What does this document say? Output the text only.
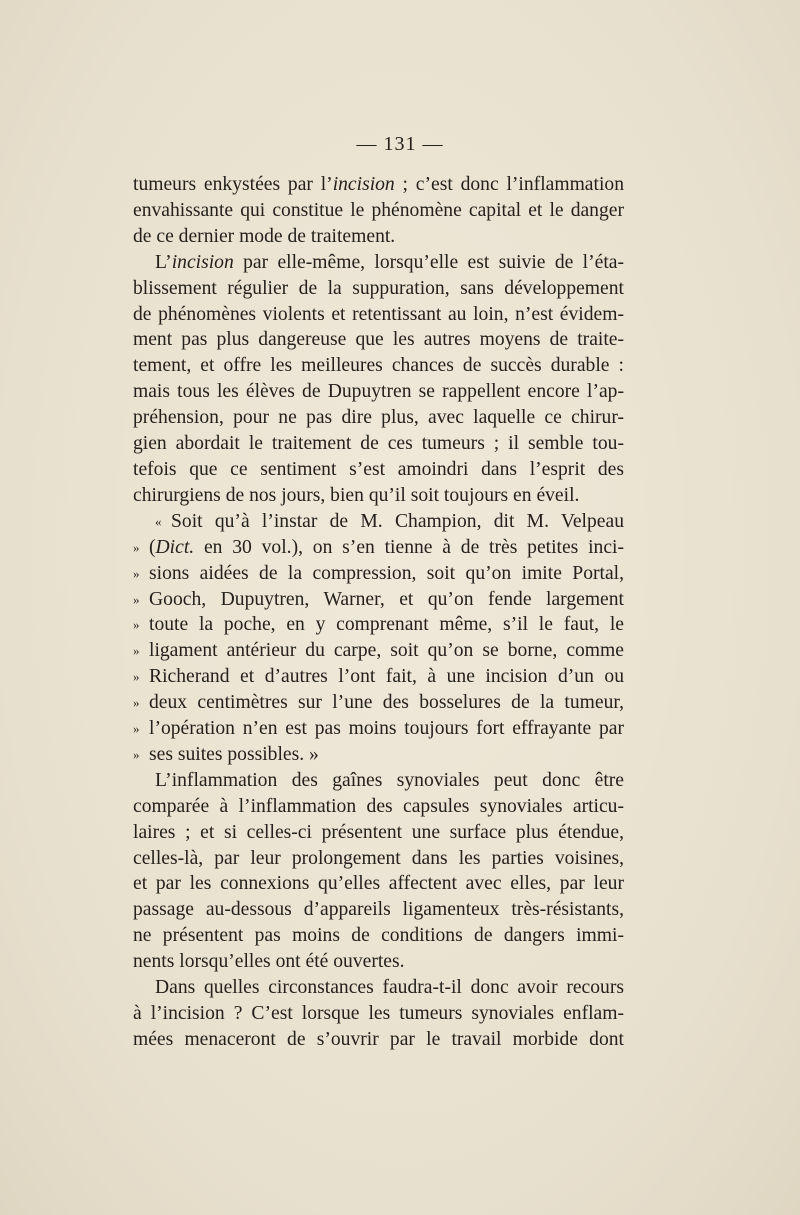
— 131 —
tumeurs enkystées par l’incision ; c’est donc l’inflammation
envahissante qui constitue le phénomène capital et le danger
de ce dernier mode de traitement.
L’incision par elle-même, lorsqu’elle est suivie de l’éta-
blissement régulier de la suppuration, sans développement
de phénomènes violents et retentissant au loin, n’est évidem-
ment pas plus dangereuse que les autres moyens de traite-
tement, et offre les meilleures chances de succès durable :
mais tous les élèves de Dupuytren se rappellent encore l’ap-
préhension, pour ne pas dire plus, avec laquelle ce chirur-
gien abordait le traitement de ces tumeurs ; il semble tou-
tefois que ce sentiment s’est amoindri dans l’esprit des
chirurgiens de nos jours, bien qu’il soit toujours en éveil.
« Soit qu’à l’instar de M. Champion, dit M. Velpeau
» (Dict. en 30 vol.), on s’en tienne à de très petites inci-
» sions aidées de la compression, soit qu’on imite Portal,
» Gooch, Dupuytren, Warner, et qu’on fende largement
» toute la poche, en y comprenant même, s’il le faut, le
» ligament antérieur du carpe, soit qu’on se borne, comme
» Richerand et d’autres l’ont fait, à une incision d’un ou
» deux centimètres sur l’une des bosselures de la tumeur,
» l’opération n’en est pas moins toujours fort effrayante par
» ses suites possibles. »
L’inflammation des gaînes synoviales peut donc être
comparée à l’inflammation des capsules synoviales articu-
laires ; et si celles-ci présentent une surface plus étendue,
celles-là, par leur prolongement dans les parties voisines,
et par les connexions qu’elles affectent avec elles, par leur
passage au-dessous d’appareils ligamenteux très-résistants,
ne présentent pas moins de conditions de dangers immi-
nents lorsqu’elles ont été ouvertes.
Dans quelles circonstances faudra-t-il donc avoir recours
à l’incision ? C’est lorsque les tumeurs synoviales enflam-
mées menaceront de s’ouvrir par le travail morbide dont
